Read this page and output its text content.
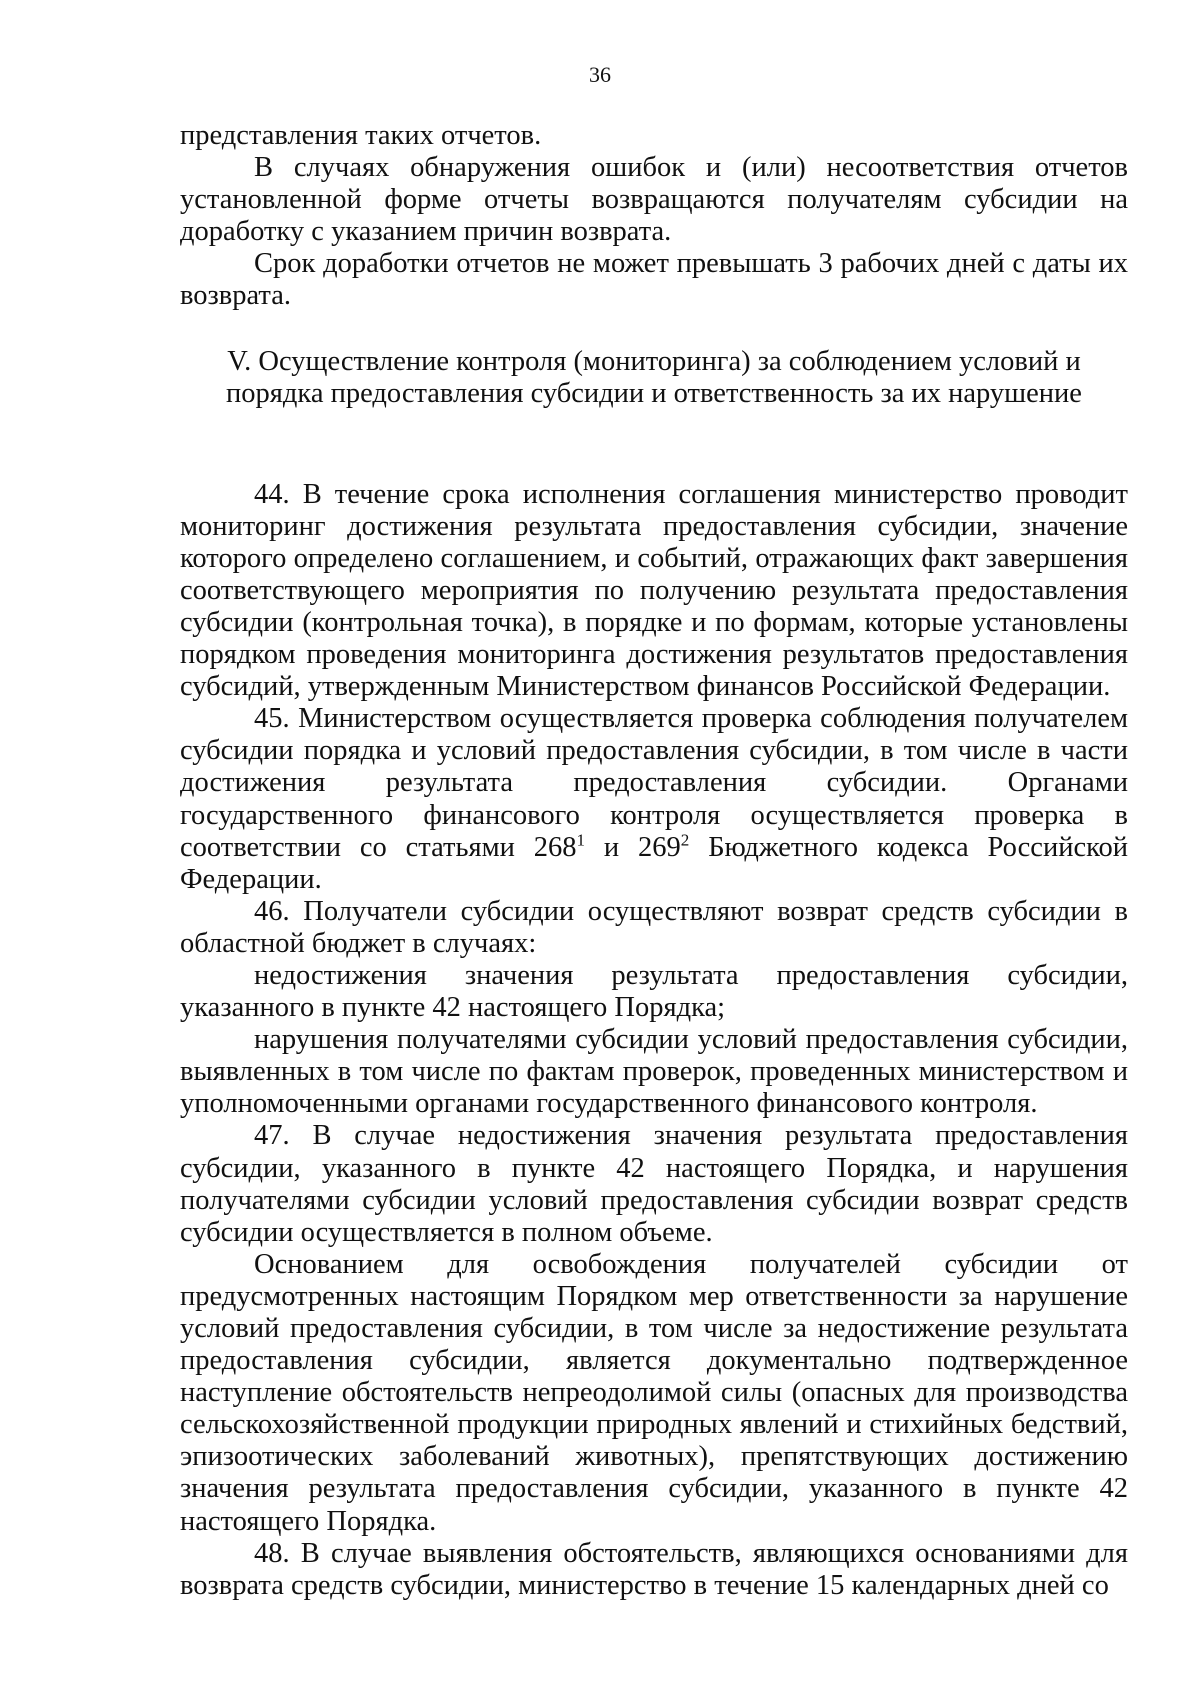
36

представления таких отчетов.

В случаях обнаружения ошибок и (или) несоответствия отчетов установленной форме отчеты возвращаются получателям субсидии на доработку с указанием причин возврата.

Срок доработки отчетов не может превышать 3 рабочих дней с даты их возврата.

V. Осуществление контроля (мониторинга) за соблюдением условий и
порядка предоставления субсидии и ответственность за их нарушение

44. В течение срока исполнения соглашения министерство проводит мониторинг достижения результата предоставления субсидии, значение которого определено соглашением, и событий, отражающих факт завершения соответствующего мероприятия по получению результата предоставления субсидии (контрольная точка), в порядке и по формам, которые установлены порядком проведения мониторинга достижения результатов предоставления субсидий, утвержденным Министерством финансов Российской Федерации.

45. Министерством осуществляется проверка соблюдения получателем субсидии порядка и условий предоставления субсидии, в том числе в части достижения результата предоставления субсидии. Органами государственного финансового контроля осуществляется проверка в соответствии со статьями $268^1$ и $269^2$ Бюджетного кодекса Российской Федерации.

46. Получатели субсидии осуществляют возврат средств субсидии в областной бюджет в случаях:

недостижения значения результата предоставления субсидии, указанного в пункте 42 настоящего Порядка;

нарушения получателями субсидии условий предоставления субсидии, выявленных в том числе по фактам проверок, проведенных министерством и уполномоченными органами государственного финансового контроля.

47. В случае недостижения значения результата предоставления субсидии, указанного в пункте 42 настоящего Порядка, и нарушения получателями субсидии условий предоставления субсидии возврат средств субсидии осуществляется в полном объеме.

Основанием для освобождения получателей субсидии от предусмотренных настоящим Порядком мер ответственности за нарушение условий предоставления субсидии, в том числе за недостижение результата предоставления субсидии, является документально подтвержденное наступление обстоятельств непреодолимой силы (опасных для производства сельскохозяйственной продукции природных явлений и стихийных бедствий, эпизоотических заболеваний животных), препятствующих достижению значения результата предоставления субсидии, указанного в пункте 42 настоящего Порядка.

48. В случае выявления обстоятельств, являющихся основаниями для возврата средств субсидии, министерство в течение 15 календарных дней со
